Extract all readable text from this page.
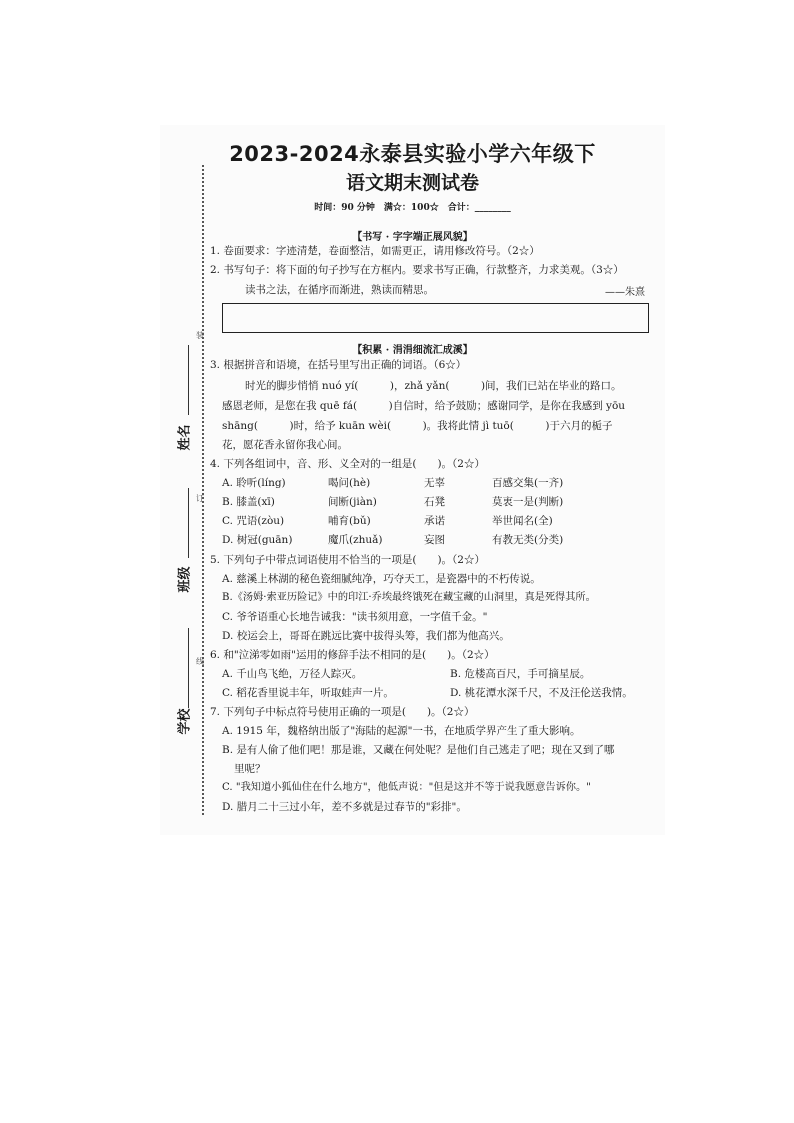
姓名
班级
学校
装
订
线
2023-2024永泰县实验小学六年级下
语文期末测试卷
时间：90 分钟　满☆：100☆　合计：________
【书写 · 字字端正展风貌】
1. 卷面要求：字迹清楚，卷面整洁，如需更正，请用修改符号。（2☆）
2. 书写句子：将下面的句子抄写在方框内。要求书写正确，行款整齐，力求美观。（3☆）
读书之法，在循序而渐进，熟读而精思。	——朱熹
【积累 · 涓涓细流汇成溪】
3. 根据拼音和语境，在括号里写出正确的词语。（6☆）
时光的脚步悄悄 nuó yí(　　　)，zhǎ yǎn(　　　)间，我们已站在毕业的路口。
感恩老师，是您在我 quē fá(　　　)自信时，给予鼓励；感谢同学，是你在我感到 yōu
shāng(　　　)时，给予 kuān wèi(　　　)。我将此情 jì tuō(　　　)于六月的栀子
花，愿花香永留你我心间。
4. 下列各组词中，音、形、义全对的一组是(　　)。（2☆）
A. 聆听(líng)	喝问(hè)	无辜	百感交集(一齐)
B. 膝盖(xī)	间断(jiàn)	石凳	莫衷一是(判断)
C. 咒语(zòu)	哺育(bǔ)	承诺	举世闻名(全)
D. 树冠(guān)	魔爪(zhuǎ)	妄图	有教无类(分类)
5. 下列句子中带点词语使用不恰当的一项是(　　)。（2☆）
A. 慈溪上林湖的秘色瓷细腻纯净，巧夺天工，是瓷器中的不朽传说。
B.《汤姆·索亚历险记》中的印江·乔埃最终饿死在藏宝藏的山洞里，真是死得其所。
C. 爷爷语重心长地告诫我："读书须用意，一字值千金。"
D. 校运会上，哥哥在跳远比赛中拔得头筹，我们都为他高兴。
6. 和"泣涕零如雨"运用的修辞手法不相同的是(　　)。（2☆）
A. 千山鸟飞绝，万径人踪灭。	B. 危楼高百尺，手可摘星辰。
C. 稻花香里说丰年，听取蛙声一片。	D. 桃花潭水深千尺，不及汪伦送我情。
7. 下列句子中标点符号使用正确的一项是(　　)。（2☆）
A. 1915 年，魏格纳出版了"海陆的起源"一书，在地质学界产生了重大影响。
B. 是有人偷了他们吧！那是谁，又藏在何处呢？是他们自己逃走了吧；现在又到了哪
里呢？
C. "我知道小狐仙住在什么地方"，他低声说："但是这并不等于说我愿意告诉你。"
D. 腊月二十三过小年，差不多就是过春节的"彩排"。
